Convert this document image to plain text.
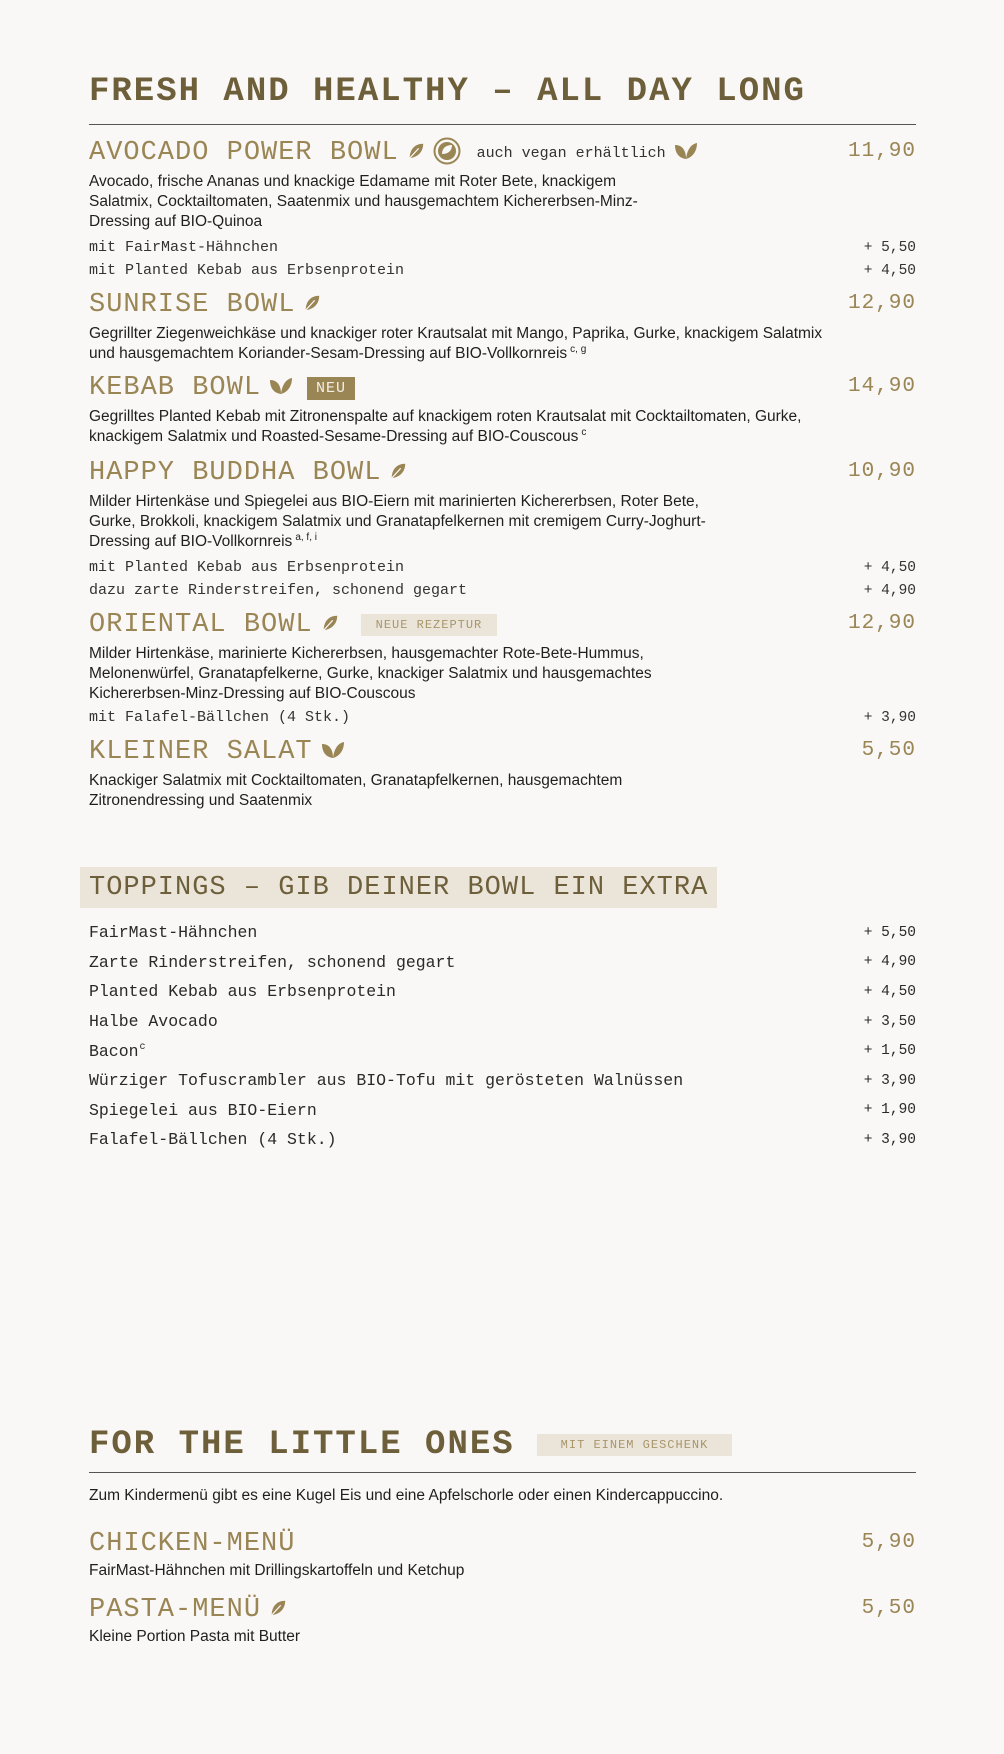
FRESH AND HEALTHY – ALL DAY LONG
AVOCADO POWER BOWL	auch vegan erhältlich	11,90
Avocado, frische Ananas und knackige Edamame mit Roter Bete, knackigem Salatmix, Cocktailtomaten, Saatenmix und hausgemachtem Kichererbsen-Minz-Dressing auf BIO-Quinoa
mit FairMast-Hähnchen	+ 5,50
mit Planted Kebab aus Erbsenprotein	+ 4,50
SUNRISE BOWL	12,90
Gegrillter Ziegenweichkäse und knackiger roter Krautsalat mit Mango, Paprika, Gurke, knackigem Salatmix und hausgemachtem Koriander-Sesam-Dressing auf BIO-Vollkornreis $^{c, g}$
KEBAB BOWL	NEU	14,90
Gegrilltes Planted Kebab mit Zitronenspalte auf knackigem roten Krautsalat mit Cocktailtomaten, Gurke, knackigem Salatmix und Roasted-Sesame-Dressing auf BIO-Couscous $^c$
HAPPY BUDDHA BOWL	10,90
Milder Hirtenkäse und Spiegelei aus BIO-Eiern mit marinierten Kichererbsen, Roter Bete, Gurke, Brokkoli, knackigem Salatmix und Granatapfelkernen mit cremigem Curry-Joghurt-Dressing auf BIO-Vollkornreis $^{a, f, i}$
mit Planted Kebab aus Erbsenprotein	+ 4,50
dazu zarte Rinderstreifen, schonend gegart	+ 4,90
ORIENTAL BOWL	NEUE REZEPTUR	12,90
Milder Hirtenkäse, marinierte Kichererbsen, hausgemachter Rote-Bete-Hummus, Melonenwürfel, Granatapfelkerne, Gurke, knackiger Salatmix und hausgemachtes Kichererbsen-Minz-Dressing auf BIO-Couscous
mit Falafel-Bällchen (4 Stk.)	+ 3,90
KLEINER SALAT	5,50
Knackiger Salatmix mit Cocktailtomaten, Granatapfelkernen, hausgemachtem Zitronendressing und Saatenmix
TOPPINGS – GIB DEINER BOWL EIN EXTRA
FairMast-Hähnchen	+ 5,50
Zarte Rinderstreifen, schonend gegart	+ 4,90
Planted Kebab aus Erbsenprotein	+ 4,50
Halbe Avocado	+ 3,50
Bacon$^c$	+ 1,50
Würziger Tofuscrambler aus BIO-Tofu mit gerösteten Walnüssen	+ 3,90
Spiegelei aus BIO-Eiern	+ 1,90
Falafel-Bällchen (4 Stk.)	+ 3,90
FOR THE LITTLE ONES	MIT EINEM GESCHENK
Zum Kindermenü gibt es eine Kugel Eis und eine Apfelschorle oder einen Kindercappuccino.
CHICKEN-MENÜ	5,90
FairMast-Hähnchen mit Drillingskartoffeln und Ketchup
PASTA-MENÜ	5,50
Kleine Portion Pasta mit Butter
